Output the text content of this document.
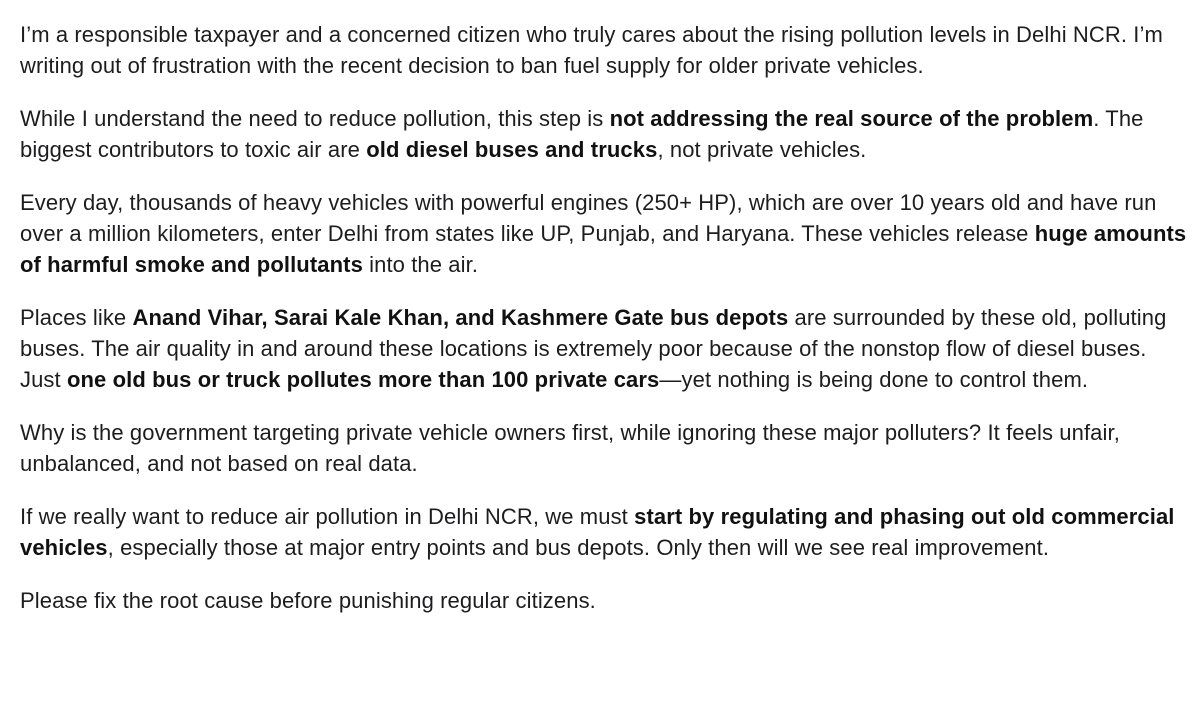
I’m a responsible taxpayer and a concerned citizen who truly cares about the rising pollution levels in Delhi NCR. I’m writing out of frustration with the recent decision to ban fuel supply for older private vehicles.

While I understand the need to reduce pollution, this step is not addressing the real source of the problem. The biggest contributors to toxic air are old diesel buses and trucks, not private vehicles.

Every day, thousands of heavy vehicles with powerful engines (250+ HP), which are over 10 years old and have run over a million kilometers, enter Delhi from states like UP, Punjab, and Haryana. These vehicles release huge amounts of harmful smoke and pollutants into the air.

Places like Anand Vihar, Sarai Kale Khan, and Kashmere Gate bus depots are surrounded by these old, polluting buses. The air quality in and around these locations is extremely poor because of the nonstop flow of diesel buses. Just one old bus or truck pollutes more than 100 private cars—yet nothing is being done to control them.

Why is the government targeting private vehicle owners first, while ignoring these major polluters? It feels unfair, unbalanced, and not based on real data.

If we really want to reduce air pollution in Delhi NCR, we must start by regulating and phasing out old commercial vehicles, especially those at major entry points and bus depots. Only then will we see real improvement.

Please fix the root cause before punishing regular citizens.
